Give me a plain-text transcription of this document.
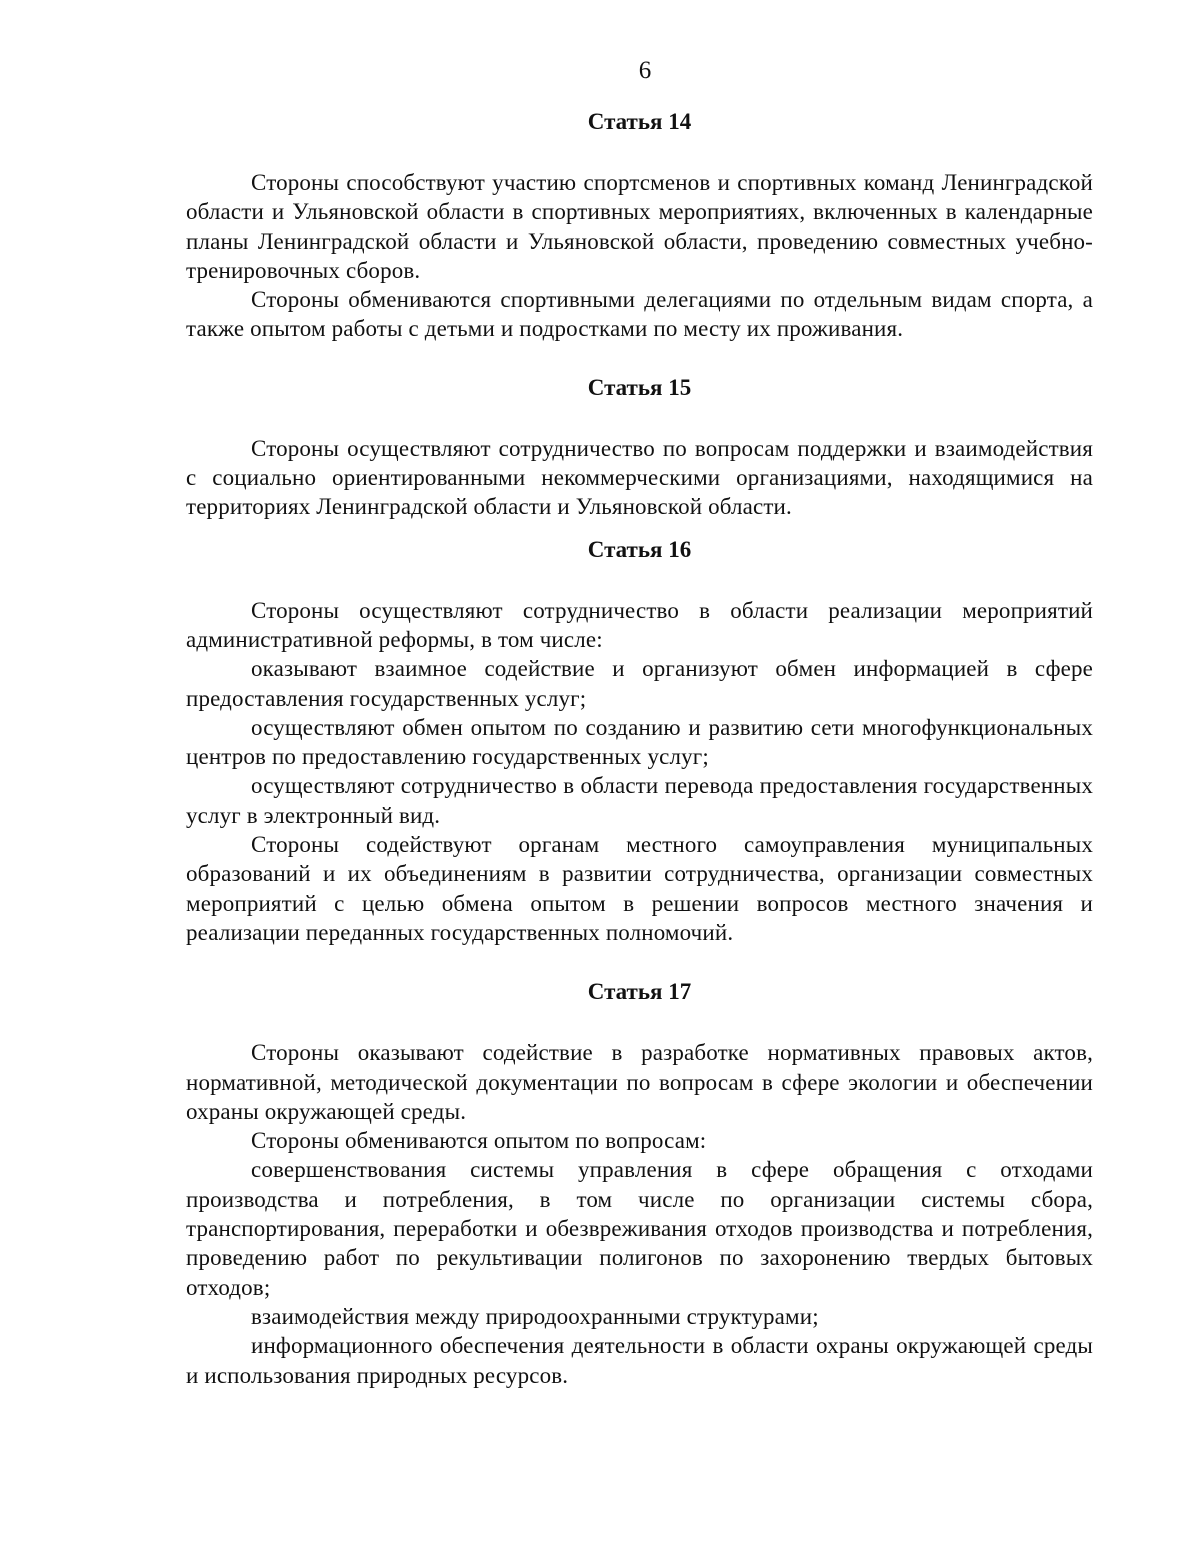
6
Статья 14

Стороны способствуют участию спортсменов и спортивных команд Ленинградской области и Ульяновской области в спортивных мероприятиях, включенных в календарные планы Ленинградской области и Ульяновской области, проведению совместных учебно-тренировочных сборов.

Стороны обмениваются спортивными делегациями по отдельным видам спорта, а также опытом работы с детьми и подростками по месту их проживания.

Статья 15

Стороны осуществляют сотрудничество по вопросам поддержки и взаимодействия с социально ориентированными некоммерческими организациями, находящимися на территориях Ленинградской области и Ульяновской области.

Статья 16

Стороны осуществляют сотрудничество в области реализации мероприятий административной реформы, в том числе:

оказывают взаимное содействие и организуют обмен информацией в сфере предоставления государственных услуг;

осуществляют обмен опытом по созданию и развитию сети многофункциональных центров по предоставлению государственных услуг;

осуществляют сотрудничество в области перевода предоставления государственных услуг в электронный вид.

Стороны содействуют органам местного самоуправления муниципальных образований и их объединениям в развитии сотрудничества, организации совместных мероприятий с целью обмена опытом в решении вопросов местного значения и реализации переданных государственных полномочий.

Статья 17

Стороны оказывают содействие в разработке нормативных правовых актов, нормативной, методической документации по вопросам в сфере экологии и обеспечении охраны окружающей среды.

Стороны обмениваются опытом по вопросам:

совершенствования системы управления в сфере обращения с отходами производства и потребления, в том числе по организации системы сбора, транспортирования, переработки и обезвреживания отходов производства и потребления, проведению работ по рекультивации полигонов по захоронению твердых бытовых отходов;

взаимодействия между природоохранными структурами;

информационного обеспечения деятельности в области охраны окружающей среды и использования природных ресурсов.
